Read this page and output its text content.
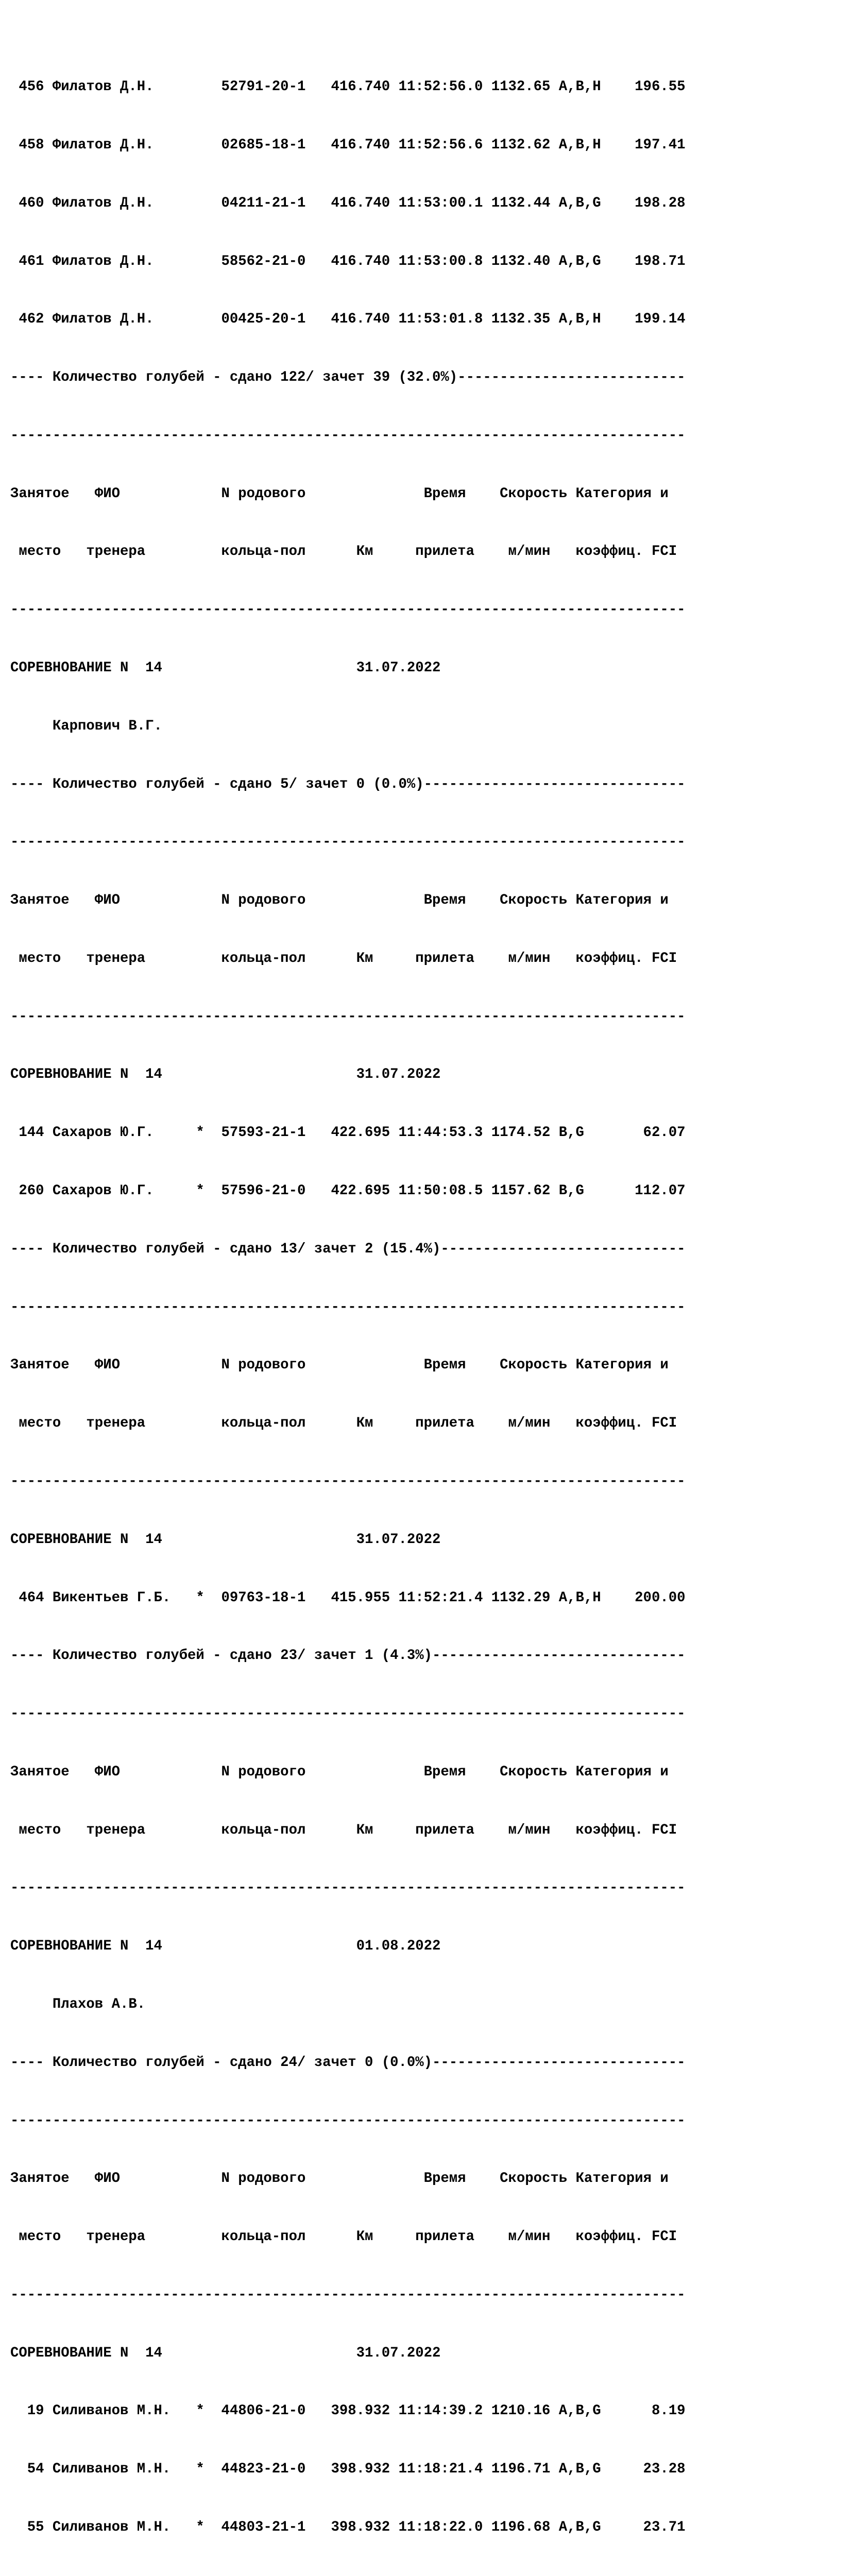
456 Филатов Д.Н.        52791-20-1   416.740 11:52:56.0 1132.65 A,B,H    196.55

458 Филатов Д.Н.        02685-18-1   416.740 11:52:56.6 1132.62 A,B,H    197.41

460 Филатов Д.Н.        04211-21-1   416.740 11:53:00.1 1132.44 A,B,G    198.28

461 Филатов Д.Н.        58562-21-0   416.740 11:53:00.8 1132.40 A,B,G    198.71

462 Филатов Д.Н.        00425-20-1   416.740 11:53:01.8 1132.35 A,B,H    199.14

---- Количество голубей - сдано 122/ зачет 39 (32.0%)---------------------------

--------------------------------------------------------------------------------

Занятое   ФИО            N родового              Время    Скорость Категория и

место   тренера         кольца-пол      Км     прилета    м/мин   коэффиц. FCI

--------------------------------------------------------------------------------

СОРЕВНОВАНИЕ N  14                       31.07.2022

Карпович В.Г.

---- Количество голубей - сдано 5/ зачет 0 (0.0%)-------------------------------

--------------------------------------------------------------------------------

Занятое   ФИО            N родового              Время    Скорость Категория и

место   тренера         кольца-пол      Км     прилета    м/мин   коэффиц. FCI

--------------------------------------------------------------------------------

СОРЕВНОВАНИЕ N  14                       31.07.2022

144 Сахаров Ю.Г.     *  57593-21-1   422.695 11:44:53.3 1174.52 B,G       62.07

260 Сахаров Ю.Г.     *  57596-21-0   422.695 11:50:08.5 1157.62 B,G      112.07

---- Количество голубей - сдано 13/ зачет 2 (15.4%)-----------------------------

--------------------------------------------------------------------------------

Занятое   ФИО            N родового              Время    Скорость Категория и

место   тренера         кольца-пол      Км     прилета    м/мин   коэффиц. FCI

--------------------------------------------------------------------------------

СОРЕВНОВАНИЕ N  14                       31.07.2022

464 Викентьев Г.Б.   *  09763-18-1   415.955 11:52:21.4 1132.29 A,B,H    200.00

---- Количество голубей - сдано 23/ зачет 1 (4.3%)------------------------------

--------------------------------------------------------------------------------

Занятое   ФИО            N родового              Время    Скорость Категория и

место   тренера         кольца-пол      Км     прилета    м/мин   коэффиц. FCI

--------------------------------------------------------------------------------

СОРЕВНОВАНИЕ N  14                       01.08.2022

Плахов А.В.

---- Количество голубей - сдано 24/ зачет 0 (0.0%)------------------------------

--------------------------------------------------------------------------------

Занятое   ФИО            N родового              Время    Скорость Категория и

место   тренера         кольца-пол      Км     прилета    м/мин   коэффиц. FCI

--------------------------------------------------------------------------------

СОРЕВНОВАНИЕ N  14                       31.07.2022

19 Силиванов М.Н.   *  44806-21-0   398.932 11:14:39.2 1210.16 A,B,G      8.19

54 Силиванов М.Н.   *  44823-21-0   398.932 11:18:21.4 1196.71 A,B,G     23.28

55 Силиванов М.Н.   *  44803-21-1   398.932 11:18:22.0 1196.68 A,B,G     23.71
